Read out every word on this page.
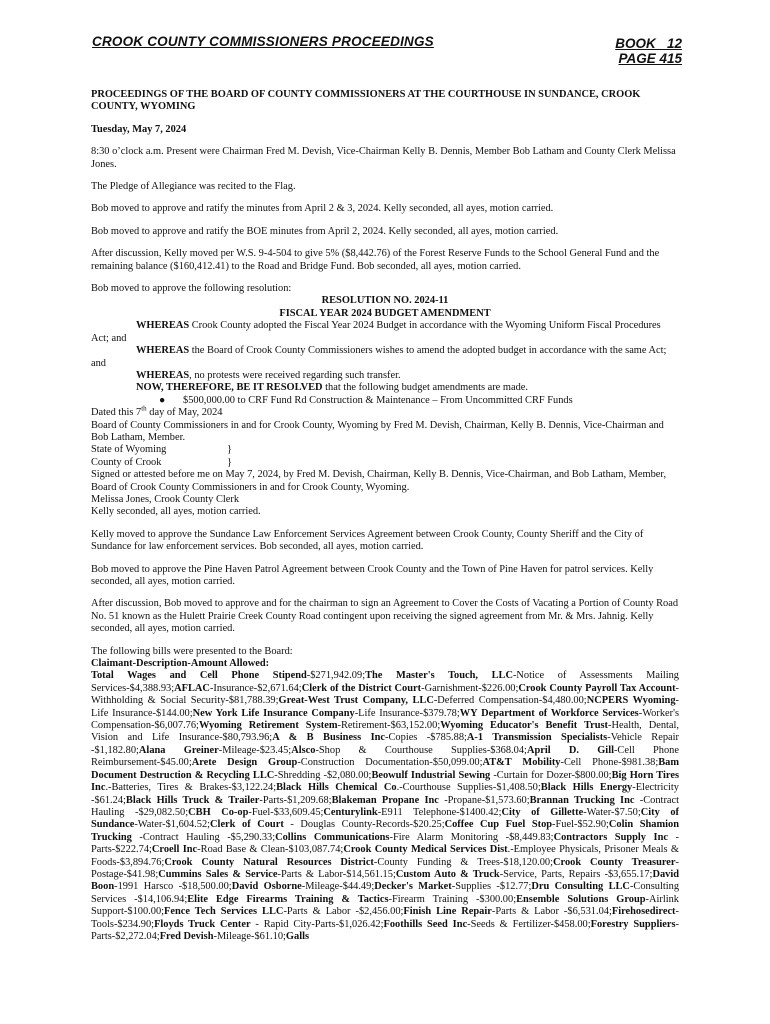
CROOK COUNTY COMMISSIONERS PROCEEDINGS	BOOK   12
PAGE 415

PROCEEDINGS OF THE BOARD OF COUNTY COMMISSIONERS AT THE COURTHOUSE IN SUNDANCE, CROOK COUNTY, WYOMING

Tuesday, May 7, 2024

8:30 o’clock a.m. Present were Chairman Fred M. Devish, Vice-Chairman Kelly B. Dennis, Member Bob Latham and County Clerk Melissa Jones.

The Pledge of Allegiance was recited to the Flag.

Bob moved to approve and ratify the minutes from April 2 & 3, 2024. Kelly seconded, all ayes, motion carried.

Bob moved to approve and ratify the BOE minutes from April 2, 2024. Kelly seconded, all ayes, motion carried.

After discussion, Kelly moved per W.S. 9-4-504 to give 5% ($8,442.76) of the Forest Reserve Funds to the School General Fund and the remaining balance ($160,412.41) to the Road and Bridge Fund. Bob seconded, all ayes, motion carried.

Bob moved to approve the following resolution:

RESOLUTION NO. 2024-11

FISCAL YEAR 2024 BUDGET AMENDMENT

WHEREAS Crook County adopted the Fiscal Year 2024 Budget in accordance with the Wyoming Uniform Fiscal Procedures Act; and

WHEREAS the Board of Crook County Commissioners wishes to amend the adopted budget in accordance with the same Act; and

WHEREAS, no protests were received regarding such transfer.

NOW, THEREFORE, BE IT RESOLVED that the following budget amendments are made.

● $500,000.00 to CRF Fund Rd Construction & Maintenance – From Uncommitted CRF Funds

Dated this 7th day of May, 2024

Board of County Commissioners in and for Crook County, Wyoming by Fred M. Devish, Chairman, Kelly B. Dennis, Vice-Chairman and Bob Latham, Member.

State of Wyoming	}

County of Crook	}

Signed or attested before me on May 7, 2024, by Fred M. Devish, Chairman, Kelly B. Dennis, Vice-Chairman, and Bob Latham, Member, Board of Crook County Commissioners in and for Crook County, Wyoming.

Melissa Jones, Crook County Clerk

Kelly seconded, all ayes, motion carried.

Kelly moved to approve the Sundance Law Enforcement Services Agreement between Crook County, County Sheriff and the City of Sundance for law enforcement services. Bob seconded, all ayes, motion carried.

Bob moved to approve the Pine Haven Patrol Agreement between Crook County and the Town of Pine Haven for patrol services. Kelly seconded, all ayes, motion carried.

After discussion, Bob moved to approve and for the chairman to sign an Agreement to Cover the Costs of Vacating a Portion of County Road No. 51 known as the Hulett Prairie Creek County Road contingent upon receiving the signed agreement from Mr. & Mrs. Jahnig. Kelly seconded, all ayes, motion carried.

The following bills were presented to the Board:

Claimant-Description-Amount Allowed:

Total Wages and Cell Phone Stipend-$271,942.09;The Master's Touch, LLC-Notice of Assessments Mailing Services-$4,388.93;AFLAC-Insurance-$2,671.64;Clerk of the District Court-Garnishment-$226.00;Crook County Payroll Tax Account-Withholding & Social Security-$81,788.39;Great-West Trust Company, LLC-Deferred Compensation-$4,480.00;NCPERS Wyoming-Life Insurance-$144.00;New York Life Insurance Company-Life Insurance-$379.78;WY Department of Workforce Services-Worker's Compensation-$6,007.76;Wyoming Retirement System-Retirement-$63,152.00;Wyoming Educator's Benefit Trust-Health, Dental, Vision and Life Insurance-$80,793.96;A & B Business Inc-Copies -$785.88;A-1 Transmission Specialists-Vehicle Repair -$1,182.80;Alana Greiner-Mileage-$23.45;Alsco-Shop & Courthouse Supplies-$368.04;April D. Gill-Cell Phone Reimbursement-$45.00;Arete Design Group-Construction Documentation-$50,099.00;AT&T Mobility-Cell Phone-$981.38;Bam Document Destruction & Recycling LLC-Shredding -$2,080.00;Beowulf Industrial Sewing -Curtain for Dozer-$800.00;Big Horn Tires Inc.-Batteries, Tires & Brakes-$3,122.24;Black Hills Chemical Co.-Courthouse Supplies-$1,408.50;Black Hills Energy-Electricity -$61.24;Black Hills Truck & Trailer-Parts-$1,209.68;Blakeman Propane Inc -Propane-$1,573.60;Brannan Trucking Inc -Contract Hauling -$29,082.50;CBH Co-op-Fuel-$33,609.45;Centurylink-E911 Telephone-$1400.42;City of Gillette-Water-$7.50;City of Sundance-Water-$1,604.52;Clerk of Court - Douglas County-Records-$20.25;Coffee Cup Fuel Stop-Fuel-$52.90;Colin Shamion Trucking -Contract Hauling -$5,290.33;Collins Communications-Fire Alarm Monitoring -$8,449.83;Contractors Supply Inc -Parts-$222.74;Croell Inc-Road Base & Clean-$103,087.74;Crook County Medical Services Dist.-Employee Physicals, Prisoner Meals & Foods-$3,894.76;Crook County Natural Resources District-County Funding & Trees-$18,120.00;Crook County Treasurer-Postage-$41.98;Cummins Sales & Service-Parts & Labor-$14,561.15;Custom Auto & Truck-Service, Parts, Repairs -$3,655.17;David Boon-1991 Harsco -$18,500.00;David Osborne-Mileage-$44.49;Decker's Market-Supplies -$12.77;Dru Consulting LLC-Consulting Services -$14,106.94;Elite Edge Firearms Training & Tactics-Firearm Training -$300.00;Ensemble Solutions Group-Airlink Support-$100.00;Fence Tech Services LLC-Parts & Labor -$2,456.00;Finish Line Repair-Parts & Labor -$6,531.04;Firehosedirect-Tools-$234.90;Floyds Truck Center - Rapid City-Parts-$1,026.42;Foothills Seed Inc-Seeds & Fertilizer-$458.00;Forestry Suppliers-Parts-$2,272.04;Fred Devish-Mileage-$61.10;Galls
